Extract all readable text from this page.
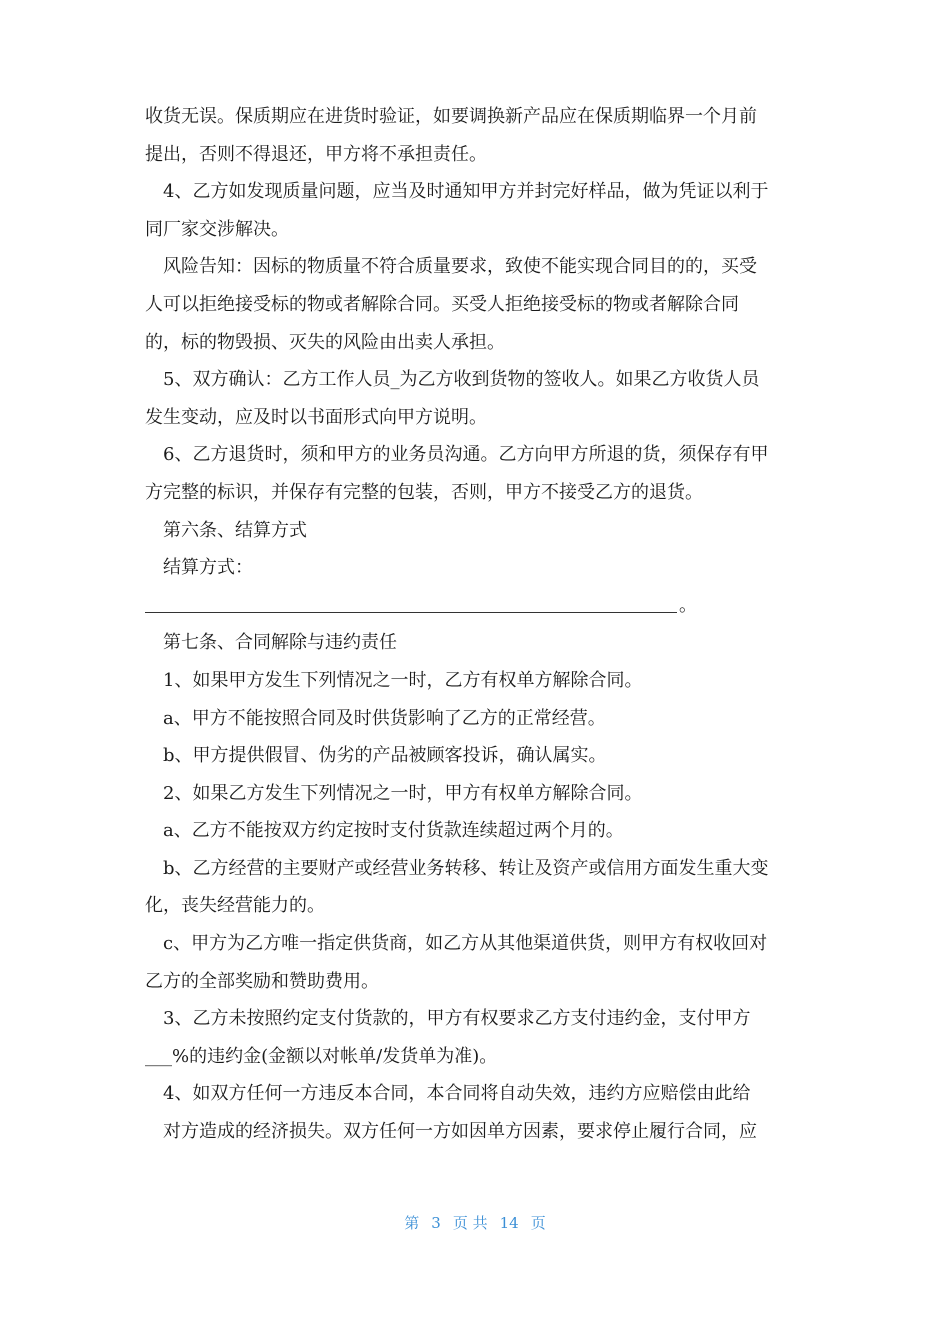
收货无误。保质期应在进货时验证，如要调换新产品应在保质期临界一个月前
提出，否则不得退还，甲方将不承担责任。
4、乙方如发现质量问题，应当及时通知甲方并封完好样品，做为凭证以利于
同厂家交涉解决。
风险告知：因标的物质量不符合质量要求，致使不能实现合同目的的，买受
人可以拒绝接受标的物或者解除合同。买受人拒绝接受标的物或者解除合同
的，标的物毁损、灭失的风险由出卖人承担。
5、双方确认：乙方工作人员_为乙方收到货物的签收人。如果乙方收货人员
发生变动，应及时以书面形式向甲方说明。
6、乙方退货时，须和甲方的业务员沟通。乙方向甲方所退的货，须保存有甲
方完整的标识，并保存有完整的包装，否则，甲方不接受乙方的退货。
第六条、结算方式
结算方式：
。
第七条、合同解除与违约责任
1、如果甲方发生下列情况之一时，乙方有权单方解除合同。
a、甲方不能按照合同及时供货影响了乙方的正常经营。
b、甲方提供假冒、伪劣的产品被顾客投诉，确认属实。
2、如果乙方发生下列情况之一时，甲方有权单方解除合同。
a、乙方不能按双方约定按时支付货款连续超过两个月的。
b、乙方经营的主要财产或经营业务转移、转让及资产或信用方面发生重大变
化，丧失经营能力的。
c、甲方为乙方唯一指定供货商，如乙方从其他渠道供货，则甲方有权收回对
乙方的全部奖励和赞助费用。
3、乙方未按照约定支付货款的，甲方有权要求乙方支付违约金，支付甲方
___%的违约金(金额以对帐单/发货单为准)。
4、如双方任何一方违反本合同，本合同将自动失效，违约方应赔偿由此给
对方造成的经济损失。双方任何一方如因单方因素，要求停止履行合同，应
第 3 页 共 14 页
